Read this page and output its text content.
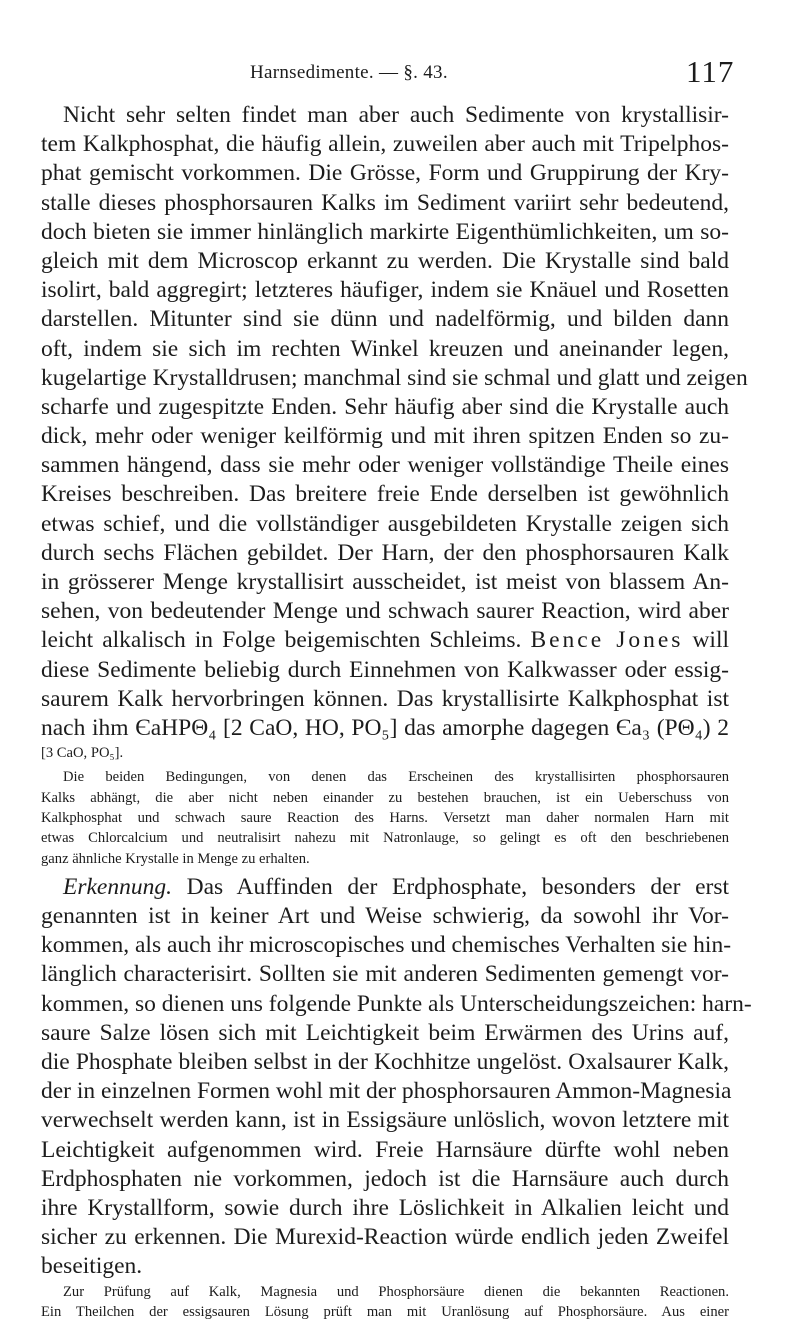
Harnsedimente. — §. 43.	117
Nicht sehr selten findet man aber auch Sedimente von krystallisir-
tem Kalkphosphat, die häufig allein, zuweilen aber auch mit Tripelphos-
phat gemischt vorkommen. Die Grösse, Form und Gruppirung der Kry-
stalle dieses phosphorsauren Kalks im Sediment variirt sehr bedeutend,
doch bieten sie immer hinlänglich markirte Eigenthümlichkeiten, um so-
gleich mit dem Microscop erkannt zu werden. Die Krystalle sind bald
isolirt, bald aggregirt; letzteres häufiger, indem sie Knäuel und Rosetten
darstellen. Mitunter sind sie dünn und nadelförmig, und bilden dann
oft, indem sie sich im rechten Winkel kreuzen und aneinander legen,
kugelartige Krystalldrusen; manchmal sind sie schmal und glatt und zeigen
scharfe und zugespitzte Enden. Sehr häufig aber sind die Krystalle auch
dick, mehr oder weniger keilförmig und mit ihren spitzen Enden so zu-
sammen hängend, dass sie mehr oder weniger vollständige Theile eines
Kreises beschreiben. Das breitere freie Ende derselben ist gewöhnlich
etwas schief, und die vollständiger ausgebildeten Krystalle zeigen sich
durch sechs Flächen gebildet. Der Harn, der den phosphorsauren Kalk
in grösserer Menge krystallisirt ausscheidet, ist meist von blassem An-
sehen, von bedeutender Menge und schwach saurer Reaction, wird aber
leicht alkalisch in Folge beigemischten Schleims. Bence Jones will
diese Sedimente beliebig durch Einnehmen von Kalkwasser oder essig-
saurem Kalk hervorbringen können. Das krystallisirte Kalkphosphat ist
nach ihm ЄaHPΘ₄ [2 CaO, HO, PO₅] das amorphe dagegen Єa₃ (PΘ₄) 2
[3 CaO, PO₅].
Die beiden Bedingungen, von denen das Erscheinen des krystallisirten phosphorsauren
Kalks abhängt, die aber nicht neben einander zu bestehen brauchen, ist ein Ueberschuss von
Kalkphosphat und schwach saure Reaction des Harns. Versetzt man daher normalen Harn mit
etwas Chlorcalcium und neutralisirt nahezu mit Natronlauge, so gelingt es oft den beschriebenen
ganz ähnliche Krystalle in Menge zu erhalten.
Erkennung. Das Auffinden der Erdphosphate, besonders der erst
genannten ist in keiner Art und Weise schwierig, da sowohl ihr Vor-
kommen, als auch ihr microscopisches und chemisches Verhalten sie hin-
länglich characterisirt. Sollten sie mit anderen Sedimenten gemengt vor-
kommen, so dienen uns folgende Punkte als Unterscheidungszeichen: harn-
saure Salze lösen sich mit Leichtigkeit beim Erwärmen des Urins auf,
die Phosphate bleiben selbst in der Kochhitze ungelöst. Oxalsaurer Kalk,
der in einzelnen Formen wohl mit der phosphorsauren Ammon-Magnesia
verwechselt werden kann, ist in Essigsäure unlöslich, wovon letztere mit
Leichtigkeit aufgenommen wird. Freie Harnsäure dürfte wohl neben
Erdphosphaten nie vorkommen, jedoch ist die Harnsäure auch durch
ihre Krystallform, sowie durch ihre Löslichkeit in Alkalien leicht und
sicher zu erkennen. Die Murexid-Reaction würde endlich jeden Zweifel
beseitigen.
Zur Prüfung auf Kalk, Magnesia und Phosphorsäure dienen die bekannten Reactionen.
Ein Theilchen der essigsauren Lösung prüft man mit Uranlösung auf Phosphorsäure. Aus einer
